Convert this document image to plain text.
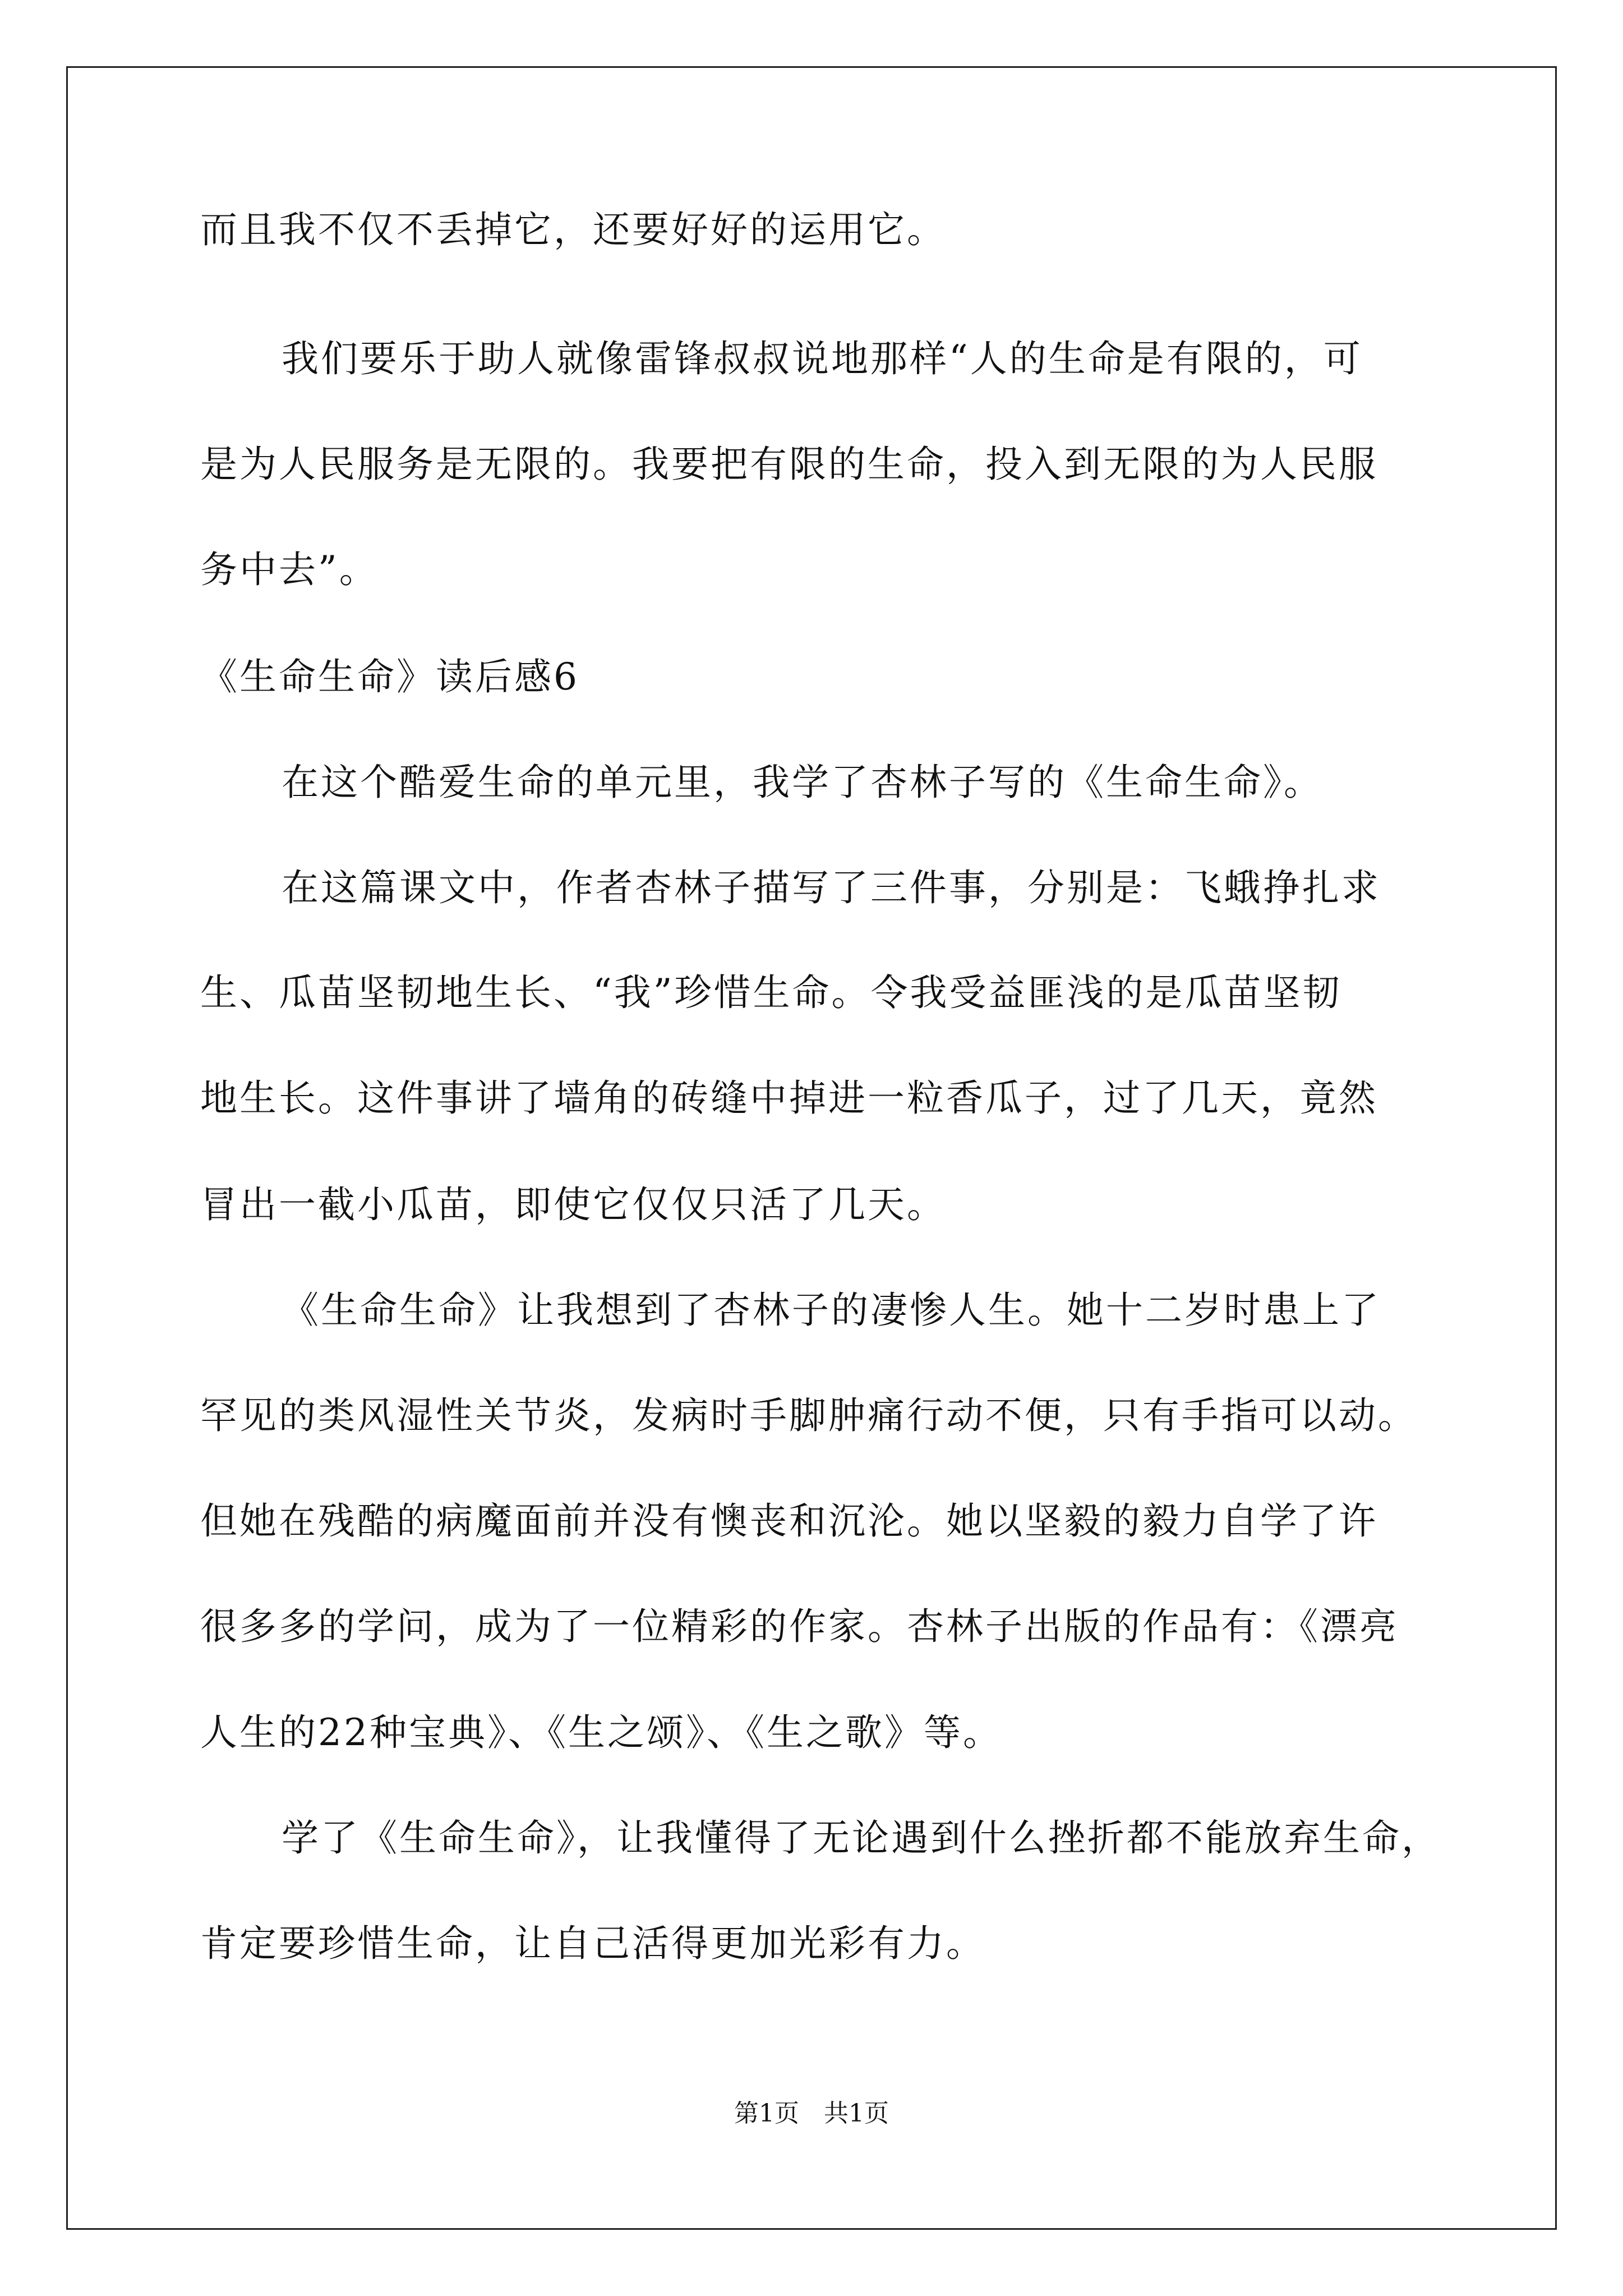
而且我不仅不丢掉它，还要好好的运用它。
我们要乐于助人就像雷锋叔叔说地那样“人的生命是有限的，可
是为人民服务是无限的。我要把有限的生命，投入到无限的为人民服
务中去”。
《生命生命》读后感6
在这个酷爱生命的单元里，我学了杏林子写的《生命生命》。
在这篇课文中，作者杏林子描写了三件事，分别是：飞蛾挣扎求
生、瓜苗坚韧地生长、“我”珍惜生命。令我受益匪浅的是瓜苗坚韧
地生长。这件事讲了墙角的砖缝中掉进一粒香瓜子，过了几天，竟然
冒出一截小瓜苗，即使它仅仅只活了几天。
《生命生命》让我想到了杏林子的凄惨人生。她十二岁时患上了
罕见的类风湿性关节炎，发病时手脚肿痛行动不便，只有手指可以动。
但她在残酷的病魔面前并没有懊丧和沉沦。她以坚毅的毅力自学了许
很多多的学问，成为了一位精彩的作家。杏林子出版的作品有：《漂亮
人生的22种宝典》、《生之颂》、《生之歌》等。
学了《生命生命》，让我懂得了无论遇到什么挫折都不能放弃生命，
肯定要珍惜生命，让自己活得更加光彩有力。
第1页　共1页
